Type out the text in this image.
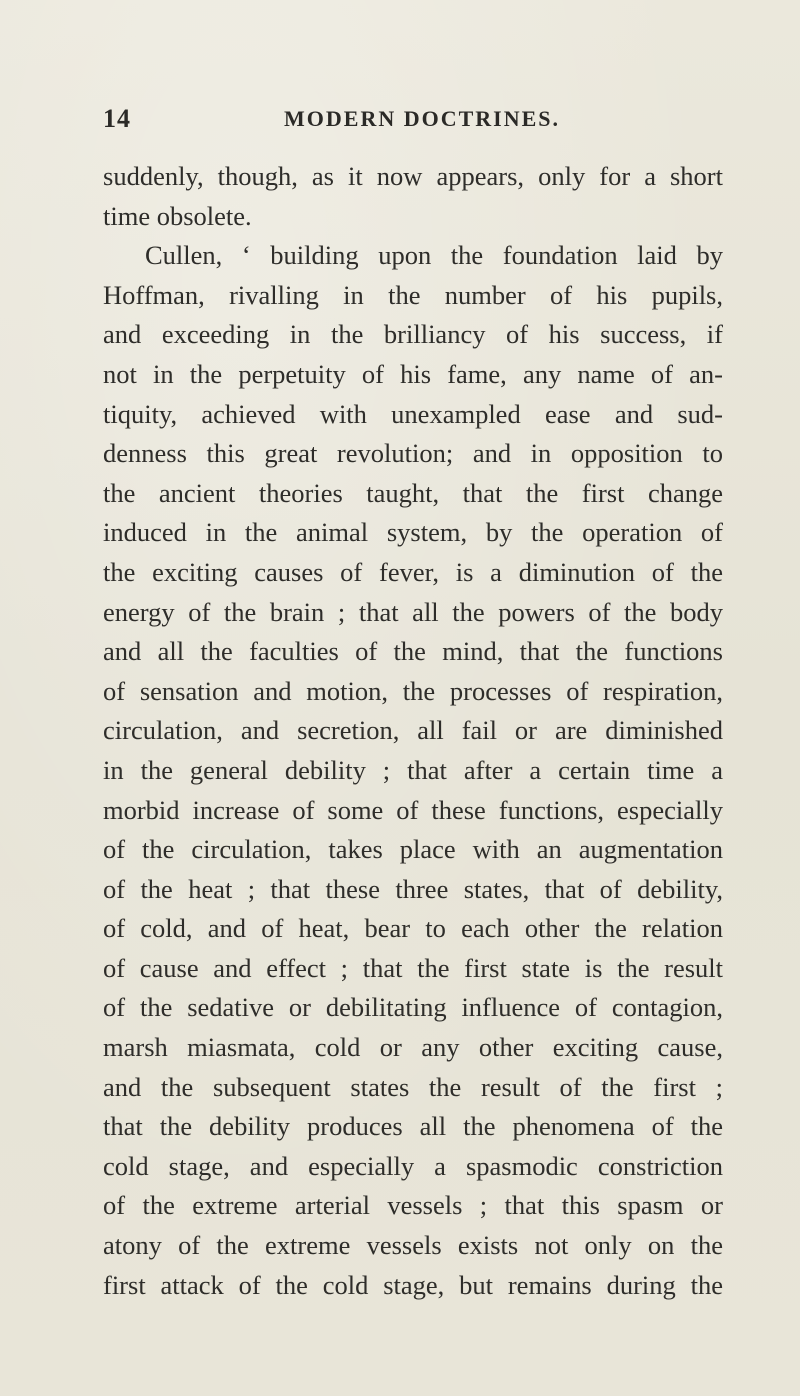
14	MODERN DOCTRINES.
suddenly, though, as it now appears, only for a short
time obsolete.
Cullen, ‘ building upon the foundation laid by
Hoffman, rivalling in the number of his pupils,
and exceeding in the brilliancy of his success, if
not in the perpetuity of his fame, any name of an-
tiquity, achieved with unexampled ease and sud-
denness this great revolution; and in opposition to
the ancient theories taught, that the first change
induced in the animal system, by the operation of
the exciting causes of fever, is a diminution of the
energy of the brain ; that all the powers of the body
and all the faculties of the mind, that the functions
of sensation and motion, the processes of respiration,
circulation, and secretion, all fail or are diminished
in the general debility ; that after a certain time a
morbid increase of some of these functions, especially
of the circulation, takes place with an augmentation
of the heat ; that these three states, that of debility,
of cold, and of heat, bear to each other the relation
of cause and effect ; that the first state is the result
of the sedative or debilitating influence of contagion,
marsh miasmata, cold or any other exciting cause,
and the subsequent states the result of the first ;
that the debility produces all the phenomena of the
cold stage, and especially a spasmodic constriction
of the extreme arterial vessels ; that this spasm or
atony of the extreme vessels exists not only on the
first attack of the cold stage, but remains during the
